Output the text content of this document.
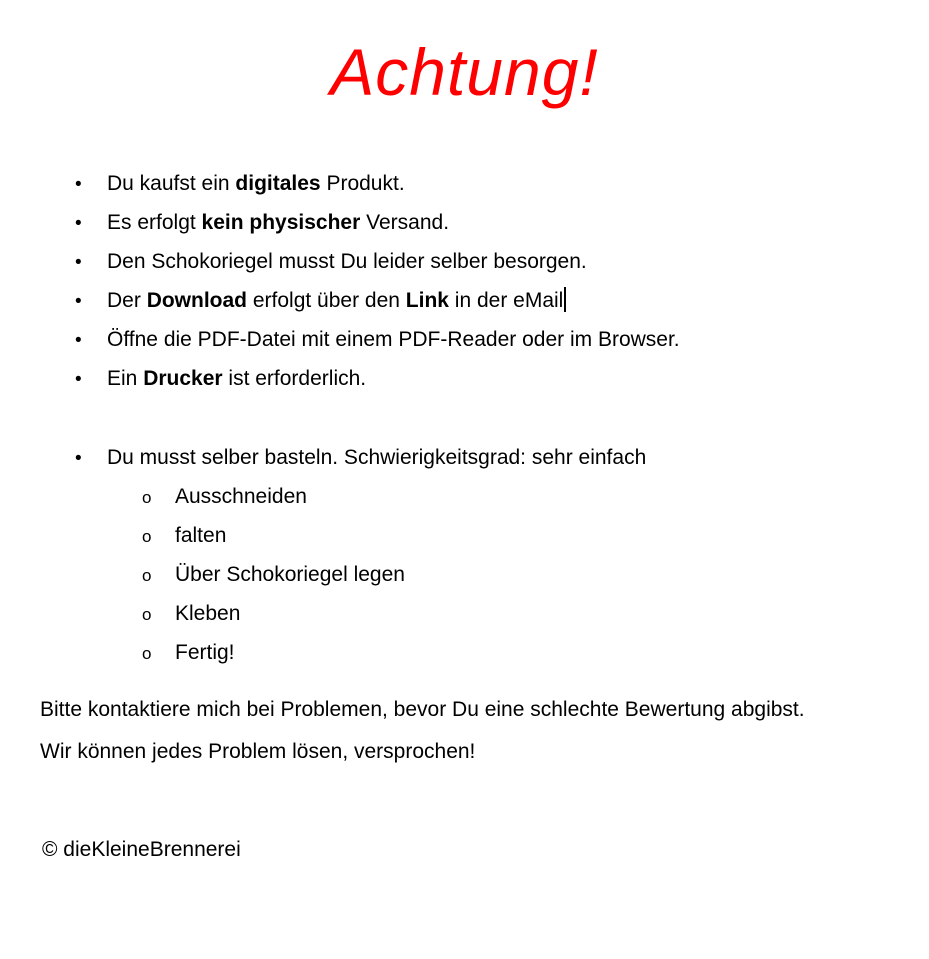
Achtung!
•	Du kaufst ein digitales Produkt.
•	Es erfolgt kein physischer Versand.
•	Den Schokoriegel musst Du leider selber besorgen.
•	Der Download erfolgt über den Link in der eMail
•	Öffne die PDF-Datei mit einem PDF-Reader oder im Browser.
•	Ein Drucker ist erforderlich.
•	Du musst selber basteln. Schwierigkeitsgrad: sehr einfach
o	Ausschneiden
o	falten
o	Über Schokoriegel legen
o	Kleben
o	Fertig!

Bitte kontaktiere mich bei Problemen, bevor Du eine schlechte Bewertung abgibst. Wir können jedes Problem lösen, versprochen!

© dieKleineBrennerei
